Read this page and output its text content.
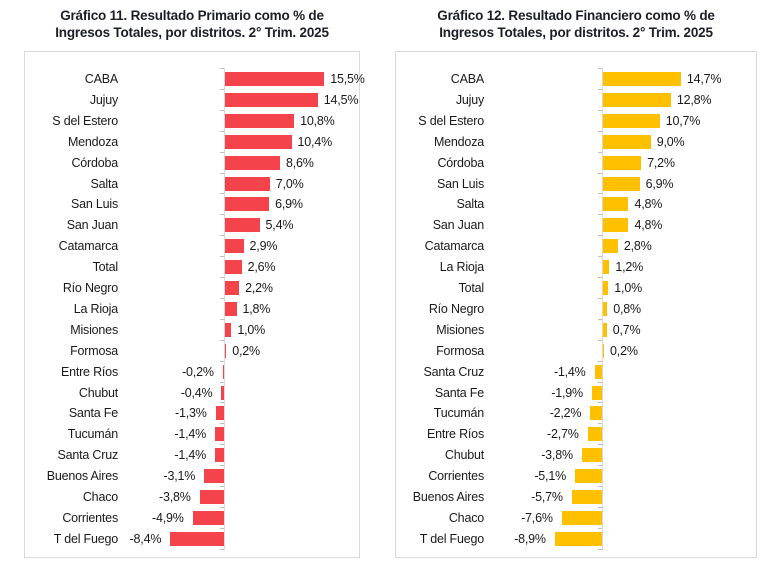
Gráfico 11. Resultado Primario como % de
Ingresos Totales, por distritos. 2° Trim. 2025
Gráfico 12. Resultado Financiero como % de
Ingresos Totales, por distritos. 2° Trim. 2025
CABA	15,5%
Jujuy	14,5%
S del Estero	10,8%
Mendoza	10,4%
Córdoba	8,6%
Salta	7,0%
San Luis	6,9%
San Juan	5,4%
Catamarca	2,9%
Total	2,6%
Río Negro	2,2%
La Rioja	1,8%
Misiones	1,0%
Formosa	0,2%
Entre Ríos	-0,2%
Chubut	-0,4%
Santa Fe	-1,3%
Tucumán	-1,4%
Santa Cruz	-1,4%
Buenos Aires	-3,1%
Chaco	-3,8%
Corrientes	-4,9%
T del Fuego -8,4%
CABA	14,7%
Jujuy	12,8%
S del Estero	10,7%
Mendoza	9,0%
Córdoba	7,2%
San Luis	6,9%
Salta	4,8%
San Juan	4,8%
Catamarca	2,8%
La Rioja	1,2%
Total	1,0%
Río Negro	0,8%
Misiones	0,7%
Formosa	0,2%
Santa Cruz	-1,4%
Santa Fe	-1,9%
Tucumán	-2,2%
Entre Ríos	-2,7%
Chubut	-3,8%
Corrientes	-5,1%
Buenos Aires	-5,7%
Chaco	-7,6%
T del Fuego -8,9%
